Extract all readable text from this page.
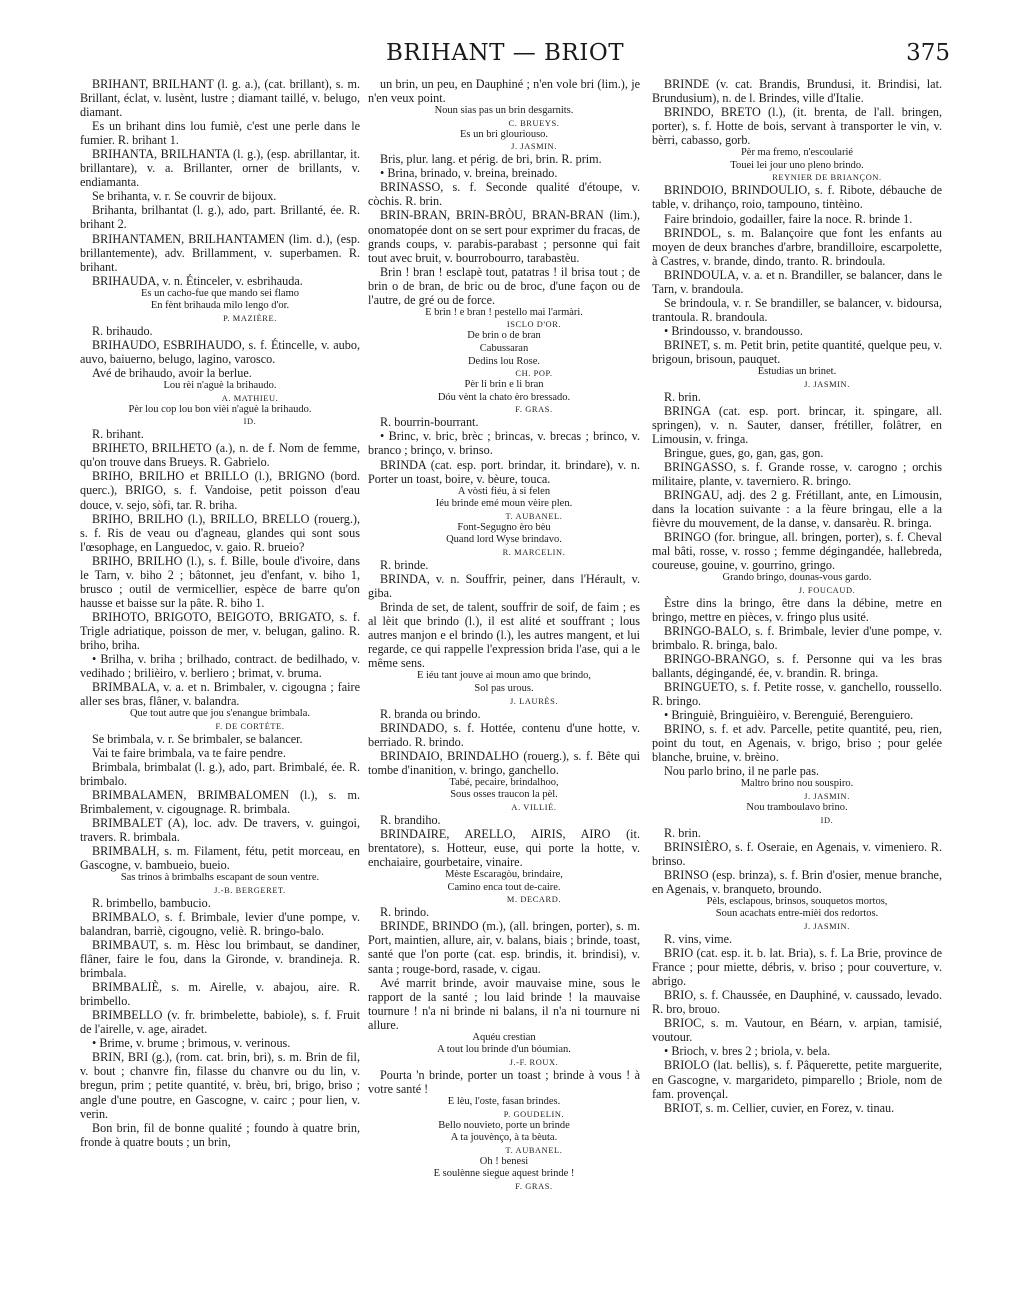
BRIHANT — BRIOT	375

BRIHANT, BRILHANT (l. g. a.), (cat. brillant), s. m. Brillant, éclat, v. lusènt, lustre ; diamant taillé, v. belugo, diamant.

Es un brihant dins lou fumiè, c'est une perle dans le fumier. R. brihant 1.

BRIHANTA, BRILHANTA (l. g.), (esp. abrillantar, it. brillantare), v. a. Brillanter, orner de brillants, v. endiamanta.

Se brihanta, v. r. Se couvrir de bijoux.

Brihanta, brilhantat (l. g.), ado, part. Brillanté, ée. R. brihant 2.

BRIHANTAMEN, BRILHANTAMEN (lim. d.), (esp. brillantemente), adv. Brillamment, v. superbamen. R. brihant.

BRIHAUDA, v. n. Étinceler, v. esbrihauda.

Es un cacho-fue que mando sei flamo

En fènt brihauda milo lengo d'or.

P. MAZIÈRE.

R. brihaudo.

BRIHAUDO, ESBRIHAUDO, s. f. Étincelle, v. aubo, auvo, baiuerno, belugo, lagino, varosco.

Avé de brihaudo, avoir la berlue.

Lou rèi n'aguè la brihaudo.

A. MATHIEU.

Pèr lou cop lou bon vièi n'aguè la brihaudo.

ID.

R. brihant.

BRIHETO, BRILHETO (a.), n. de f. Nom de femme, qu'on trouve dans Brueys. R. Gabrielo.

BRIHO, BRILHO et BRILLO (l.), BRIGNO (bord. querc.), BRIGO, s. f. Vandoise, petit poisson d'eau douce, v. sejo, sòfi, tar. R. briha.

BRIHO, BRILHO (l.), BRILLO, BRELLO (rouerg.), s. f. Ris de veau ou d'agneau, glandes qui sont sous l'œsophage, en Languedoc, v. gaio. R. brueio?

BRIHO, BRILHO (l.), s. f. Bille, boule d'ivoire, dans le Tarn, v. biho 2 ; bâtonnet, jeu d'enfant, v. biho 1, brusco ; outil de vermicellier, espèce de barre qu'on hausse et baisse sur la pâte. R. biho 1.

BRIHOTO, BRIGOTO, BEIGOTO, BRIGATO, s. f. Trigle adriatique, poisson de mer, v. belugan, galino. R. briho, briha.

• Brilha, v. briha ; brilhado, contract. de bedilhado, v. vedihado ; brilièiro, v. berliero ; brimat, v. bruma.

BRIMBALA, v. a. et n. Brimbaler, v. cigougna ; faire aller ses bras, flâner, v. balandra.

Que tout autre que jou s'enangue brimbala.

F. DE CORTÈTE.

Se brimbala, v. r. Se brimbaler, se balancer.

Vai te faire brimbala, va te faire pendre.

Brimbala, brimbalat (l. g.), ado, part. Brimbalé, ée. R. brimbalo.

BRIMBALAMEN, BRIMBALOMEN (l.), s. m. Brimbalement, v. cigougnage. R. brimbala.

BRIMBALET (A), loc. adv. De travers, v. guingoi, travers. R. brimbala.

BRIMBALH, s. m. Filament, fétu, petit morceau, en Gascogne, v. bambueio, bueio.

Sas trinos à brimbalhs escapant de soun ventre.

J.-B. BERGERET.

R. brimbello, bambucio.

BRIMBALO, s. f. Brimbale, levier d'une pompe, v. balandran, barriè, cigougno, veliè. R. bringo-balo.

BRIMBAUT, s. m. Hèsc lou brimbaut, se dandiner, flâner, faire le fou, dans la Gironde, v. brandineja. R. brimbala.

BRIMBALIÈ, s. m. Airelle, v. abajou, aire. R. brimbello.

BRIMBELLO (v. fr. brimbelette, babiole), s. f. Fruit de l'airelle, v. age, airadet.

• Brime, v. brume ; brimous, v. verinous.

BRIN, BRI (g.), (rom. cat. brin, bri), s. m. Brin de fil, v. bout ; chanvre fin, filasse du chanvre ou du lin, v. bregun, prim ; petite quantité, v. brèu, bri, brigo, briso ; angle d'une poutre, en Gascogne, v. cairc ; pour lien, v. verin.

Bon brin, fil de bonne qualité ; foundo à quatre brin, fronde à quatre bouts ; un brin,

un brin, un peu, en Dauphiné ; n'en vole bri (lim.), je n'en veux point.

Noun sias pas un brin desgarnits.

C. BRUEYS.

Es un bri glouriouso.

J. JASMIN.

Bris, plur. lang. et périg. de bri, brin. R. prim.

• Brina, brinado, v. breina, breinado.

BRINASSO, s. f. Seconde qualité d'étoupe, v. còchis. R. brin.

BRIN-BRAN, BRIN-BRÒU, BRAN-BRAN (lim.), onomatopée dont on se sert pour exprimer du fracas, de grands coups, v. parabis-parabast ; personne qui fait tout avec bruit, v. bourrobourro, tarabastèu.

Brin ! bran ! esclapè tout, patatras ! il brisa tout ; de brin o de bran, de bric ou de broc, d'une façon ou de l'autre, de gré ou de force.

E brin ! e bran ! pestello mai l'armàri.

ISCLO D'OR.

De brin o de bran

Cabussaran

Dedins lou Rose.

CH. POP.

Pèr li brin e li bran

Dóu vènt la chato èro bressado.

F. GRAS.

R. bourrin-bourrant.

• Brinc, v. bric, brèc ; brincas, v. brecas ; brinco, v. branco ; brinço, v. brinso.

BRINDA (cat. esp. port. brindar, it. brindare), v. n. Porter un toast, boire, v. bèure, touca.

A vòsti fiéu, à si felen

Iéu brinde emé moun vèire plen.

T. AUBANEL.

Font-Segugno èro bèu

Quand lord Wyse brindavo.

R. MARCELIN.

R. brinde.

BRINDA, v. n. Souffrir, peiner, dans l'Hérault, v. giba.

Brinda de set, de talent, souffrir de soif, de faim ; es al lèit que brindo (l.), il est alité et souffrant ; lous autres manjon e el brindo (l.), les autres mangent, et lui regarde, ce qui rappelle l'expression brida l'ase, qui a le même sens.

E iéu tant jouve ai moun amo que brindo,

Sol pas urous.

J. LAURÈS.

R. branda ou brindo.

BRINDADO, s. f. Hottée, contenu d'une hotte, v. berriado. R. brindo.

BRINDAIO, BRINDALHO (rouerg.), s. f. Bête qui tombe d'inanition, v. bringo, ganchello.

Tabé, pecaire, brindalhoo,

Sous osses traucon la pèl.

A. VILLIÉ.

R. brandiho.

BRINDAIRE, ARELLO, AIRIS, AIRO (it. brentatore), s. Hotteur, euse, qui porte la hotte, v. enchaiaire, gourbetaire, vinaire.

Mèste Escaragòu, brindaire,

Camino enca tout de-caire.

M. DECARD.

R. brindo.

BRINDE, BRINDO (m.), (all. bringen, porter), s. m. Port, maintien, allure, air, v. balans, biais ; brinde, toast, santé que l'on porte (cat. esp. brindis, it. brindisi), v. santa ; rouge-bord, rasade, v. cigau.

Avé marrit brinde, avoir mauvaise mine, sous le rapport de la santé ; lou laid brinde ! la mauvaise tournure ! n'a ni brinde ni balans, il n'a ni tournure ni allure.

Aquéu crestian

A tout lou brinde d'un bóumian.

J.-F. ROUX.

Pourta 'n brinde, porter un toast ; brinde à vous ! à votre santé !

E lèu, l'oste, fasan brindes.

P. GOUDELIN.

Bello nouvieto, porte un brinde

A ta jouvènço, à ta bèuta.

T. AUBANEL.

Oh ! benesi

E soulènne siegue aquest brinde !

F. GRAS.

BRINDE (v. cat. Brandis, Brundusi, it. Brindisi, lat. Brundusium), n. de l. Brindes, ville d'Italie.

BRINDO, BRETO (l.), (it. brenta, de l'all. bringen, porter), s. f. Hotte de bois, servant à transporter le vin, v. bèrri, cabasso, gorb.

Pèr ma fremo, n'escoularié

Touei lei jour uno pleno brindo.

REYNIER DE BRIANÇON.

BRINDOIO, BRINDOULIO, s. f. Ribote, débauche de table, v. drihanço, roio, tampouno, tintèino.

Faire brindoio, godailler, faire la noce. R. brinde 1.

BRINDOL, s. m. Balançoire que font les enfants au moyen de deux branches d'arbre, brandilloire, escarpolette, à Castres, v. brande, dindo, tranto. R. brindoula.

BRINDOULA, v. a. et n. Brandiller, se balancer, dans le Tarn, v. brandoula.

Se brindoula, v. r. Se brandiller, se balancer, v. bidoursa, trantoula. R. brandoula.

• Brindousso, v. brandousso.

BRINET, s. m. Petit brin, petite quantité, quelque peu, v. brigoun, brisoun, pauquet.

Estudias un brinet.

J. JASMIN.

R. brin.

BRINGA (cat. esp. port. brincar, it. spingare, all. springen), v. n. Sauter, danser, frétiller, folâtrer, en Limousin, v. fringa.

Bringue, gues, go, gan, gas, gon.

BRINGASSO, s. f. Grande rosse, v. carogno ; orchis militaire, plante, v. taverniero. R. bringo.

BRINGAU, adj. des 2 g. Frétillant, ante, en Limousin, dans la location suivante : a la fèure bringau, elle a la fièvre du mouvement, de la danse, v. dansarèu. R. bringa.

BRINGO (for. bringue, all. bringen, porter), s. f. Cheval mal bâti, rosse, v. rosso ; femme dégingandée, hallebreda, coureuse, gouine, v. gourrino, gringo.

Grando bringo, dounas-vous gardo.

J. FOUCAUD.

Èstre dins la bringo, être dans la débine, metre en bringo, mettre en pièces, v. fringo plus usité.

BRINGO-BALO, s. f. Brimbale, levier d'une pompe, v. brimbalo. R. bringa, balo.

BRINGO-BRANGO, s. f. Personne qui va les bras ballants, dégingandé, ée, v. brandin. R. bringa.

BRINGUETO, s. f. Petite rosse, v. ganchello, roussello. R. bringo.

• Bringuiè, Bringuièiro, v. Berenguié, Berenguiero.

BRINO, s. f. et adv. Parcelle, petite quantité, peu, rien, point du tout, en Agenais, v. brigo, briso ; pour gelée blanche, bruine, v. brèino.

Nou parlo brino, il ne parle pas.

Maltro brino nou souspiro.

J. JASMIN.

Nou tramboulavo brino.

ID.

R. brin.

BRINSIÈRO, s. f. Oseraie, en Agenais, v. vimeniero. R. brinso.

BRINSO (esp. brinza), s. f. Brin d'osier, menue branche, en Agenais, v. branqueto, broundo.

Pèls, esclapous, brinsos, souquetos mortos,

Soun acachats entre-mièi dos redortos.

J. JASMIN.

R. vins, vime.

BRIO (cat. esp. it. b. lat. Bria), s. f. La Brie, province de France ; pour miette, débris, v. briso ; pour couverture, v. abrigo.

BRIO, s. f. Chaussée, en Dauphiné, v. caussado, levado. R. bro, brouo.

BRIOC, s. m. Vautour, en Béarn, v. arpian, tamisié, voutour.

• Brioch, v. bres 2 ; briola, v. bela.

BRIOLO (lat. bellis), s. f. Pâquerette, petite marguerite, en Gascogne, v. margarideto, pimparello ; Briole, nom de fam. provençal.

BRIOT, s. m. Cellier, cuvier, en Forez, v. tinau.
